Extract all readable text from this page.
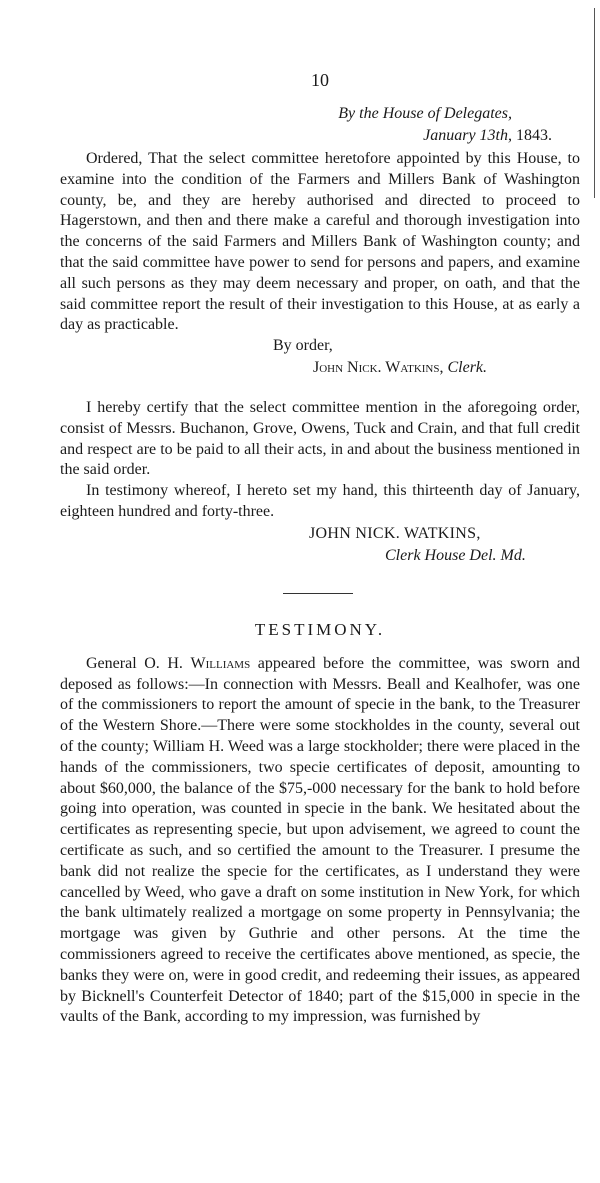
10
By the House of Delegates,
January 13th, 1843.

Ordered, That the select committee heretofore appointed by this House, to examine into the condition of the Farmers and Millers Bank of Washington county, be, and they are hereby authorised and directed to proceed to Hagerstown, and then and there make a careful and thorough investigation into the concerns of the said Farmers and Millers Bank of Washington county; and that the said committee have power to send for persons and papers, and examine all such persons as they may deem necessary and proper, on oath, and that the said committee report the result of their investigation to this House, at as early a day as practicable.

By order,
John Nick. Watkins, Clerk.

I hereby certify that the select committee mention in the aforegoing order, consist of Messrs. Buchanon, Grove, Owens, Tuck and Crain, and that full credit and respect are to be paid to all their acts, in and about the business mentioned in the said order.

In testimony whereof, I hereto set my hand, this thirteenth day of January, eighteen hundred and forty-three.

JOHN NICK. WATKINS,
Clerk House Del. Md.
TESTIMONY.

General O. H. Williams appeared before the committee, was sworn and deposed as follows:—In connection with Messrs. Beall and Kealhofer, was one of the commissioners to report the amount of specie in the bank, to the Treasurer of the Western Shore.—There were some stockholdes in the county, several out of the county; William H. Weed was a large stockholder; there were placed in the hands of the commissioners, two specie certificates of deposit, amounting to about $60,000, the balance of the $75,-000 necessary for the bank to hold before going into operation, was counted in specie in the bank. We hesitated about the certificates as representing specie, but upon advisement, we agreed to count the certificate as such, and so certified the amount to the Treasurer. I presume the bank did not realize the specie for the certificates, as I understand they were cancelled by Weed, who gave a draft on some institution in New York, for which the bank ultimately realized a mortgage on some property in Pennsylvania; the mortgage was given by Guthrie and other persons. At the time the commissioners agreed to receive the certificates above mentioned, as specie, the banks they were on, were in good credit, and redeeming their issues, as appeared by Bicknell's Counterfeit Detector of 1840; part of the $15,000 in specie in the vaults of the Bank, according to my impression, was furnished by
